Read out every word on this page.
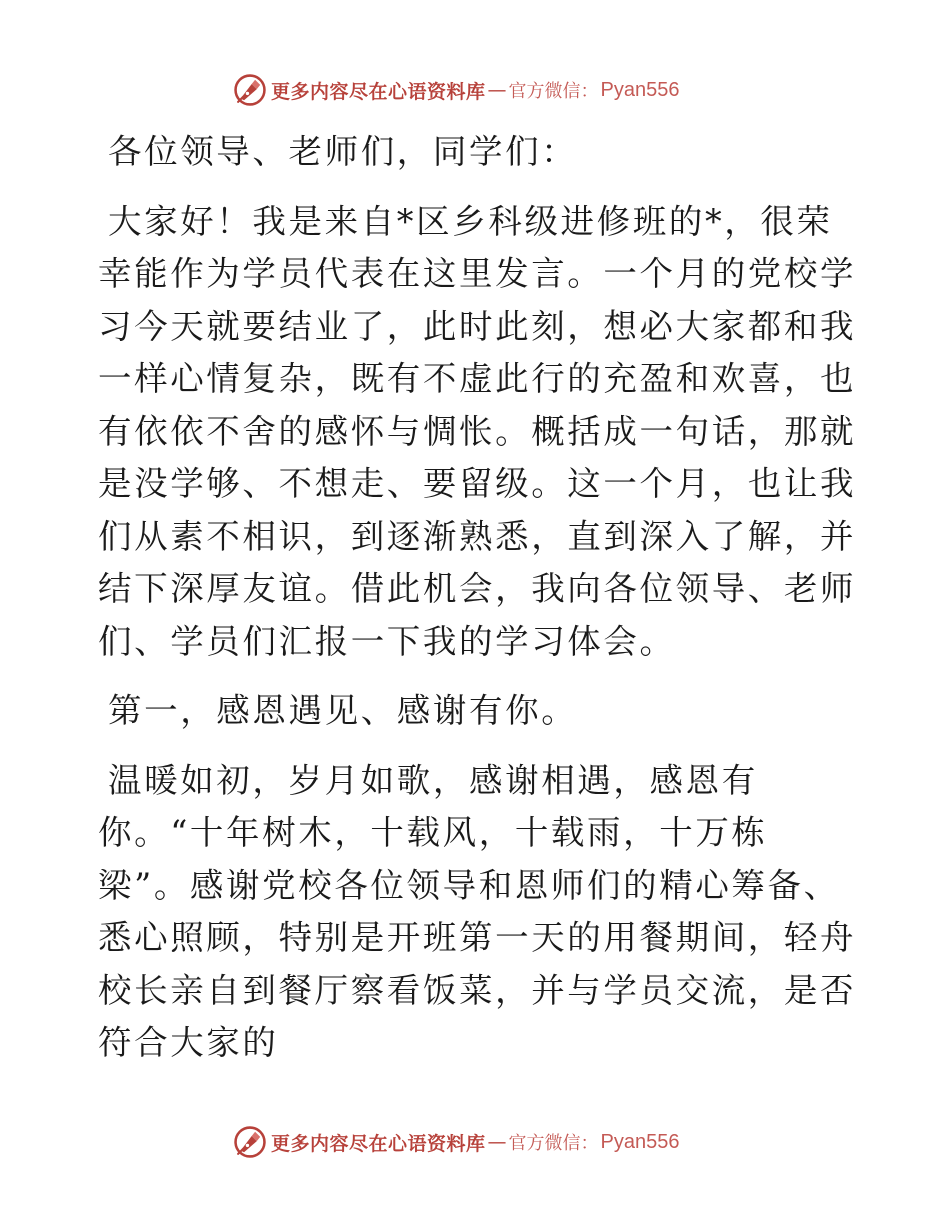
更多内容尽在心语资料库 — 官方微信： Pyan556

各位领导、老师们，同学们：

大家好！我是来自*区乡科级进修班的*，很荣幸能作为学员代表在这里发言。一个月的党校学习今天就要结业了，此时此刻，想必大家都和我一样心情复杂，既有不虚此行的充盈和欢喜，也有依依不舍的感怀与惆怅。概括成一句话，那就是没学够、不想走、要留级。这一个月，也让我们从素不相识，到逐渐熟悉，直到深入了解，并结下深厚友谊。借此机会，我向各位领导、老师们、学员们汇报一下我的学习体会。

第一，感恩遇见、感谢有你。

温暖如初，岁月如歌，感谢相遇，感恩有你。“十年树木，十载风，十载雨，十万栋梁”。感谢党校各位领导和恩师们的精心筹备、悉心照顾，特别是开班第一天的用餐期间，轻舟校长亲自到餐厅察看饭菜，并与学员交流，是否符合大家的

更多内容尽在心语资料库 — 官方微信： Pyan556
